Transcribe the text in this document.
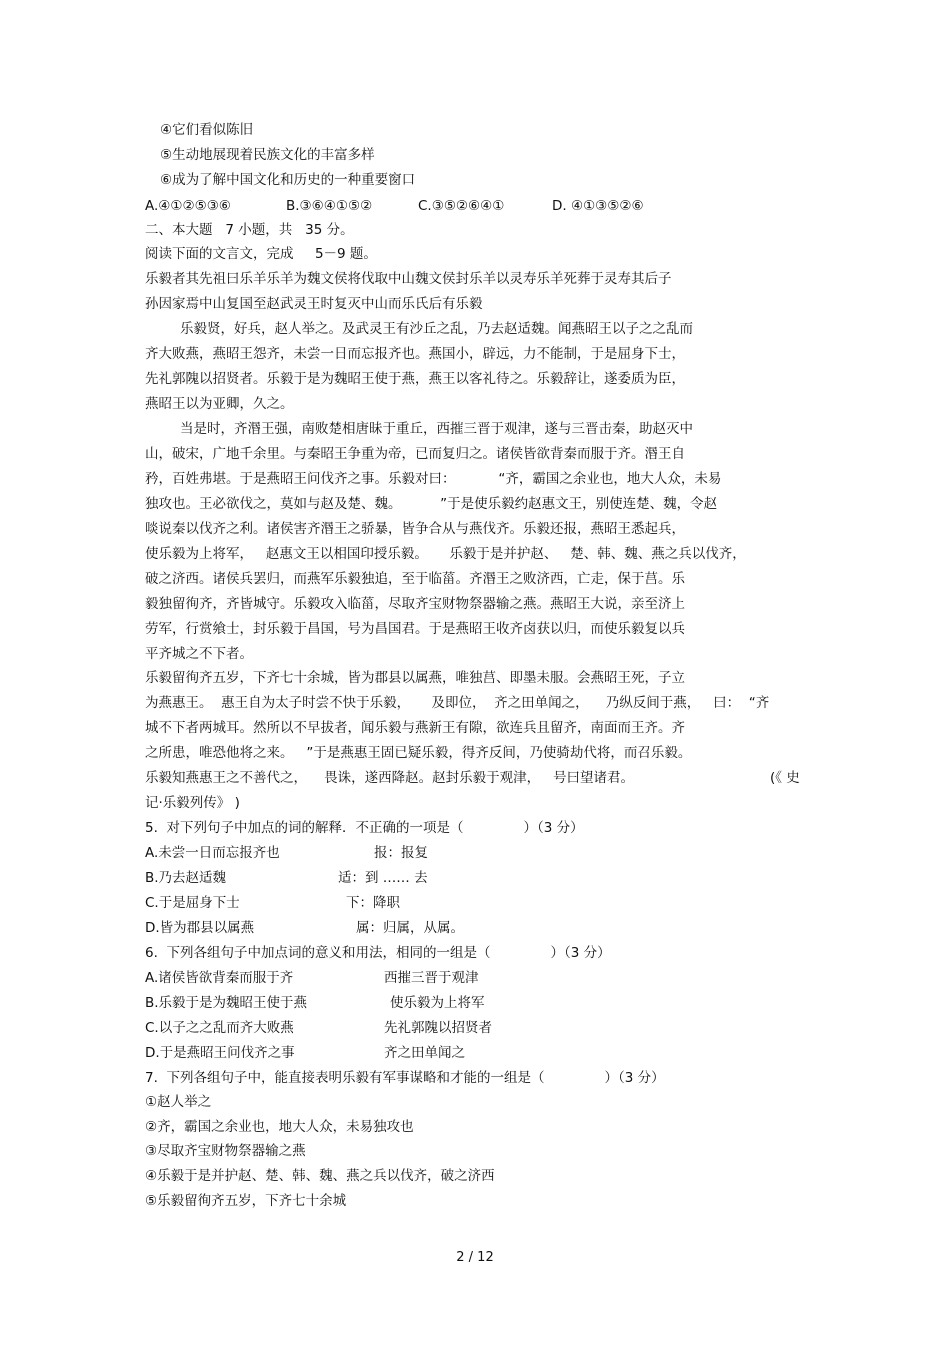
④它们看似陈旧
⑤生动地展现着民族文化的丰富多样
⑥成为了解中国文化和历史的一种重要窗口
A.④①②⑤③⑥	B.③⑥④①⑤②	C.③⑤②⑥④①	D. ④①③⑤②⑥
二、本大题   7 小题，共   35 分。
阅读下面的文言文，完成     5－9 题。
乐毅者其先祖曰乐羊乐羊为魏文侯将伐取中山魏文侯封乐羊以灵寿乐羊死葬于灵寿其后子
孙因家焉中山复国至赵武灵王时复灭中山而乐氏后有乐毅
乐毅贤，好兵，赵人举之。及武灵王有沙丘之乱，乃去赵适魏。闻燕昭王以子之之乱而
齐大败燕，燕昭王怨齐，未尝一日而忘报齐也。燕国小，辟远，力不能制，于是屈身下士，
先礼郭隗以招贤者。乐毅于是为魏昭王使于燕，燕王以客礼待之。乐毅辞让，遂委质为臣，
燕昭王以为亚卿，久之。
当是时，齐湣王强，南败楚相唐昧于重丘，西摧三晋于观津，遂与三晋击秦，助赵灭中
山，破宋，广地千余里。与秦昭王争重为帝，已而复归之。诸侯皆欲背秦而服于齐。湣王自
矜，百姓弗堪。于是燕昭王问伐齐之事。乐毅对曰：          “齐，霸国之余业也，地大人众，未易
独攻也。王必欲伐之，莫如与赵及楚、魏。         ”于是使乐毅约赵惠文王，别使连楚、魏，令赵
啖说秦以伐齐之利。诸侯害齐湣王之骄暴，皆争合从与燕伐齐。乐毅还报，燕昭王悉起兵，
使乐毅为上将军，   赵惠文王以相国印授乐毅。     乐毅于是并护赵、   楚、韩、魏、燕之兵以伐齐，
破之济西。诸侯兵罢归，而燕军乐毅独追，至于临菑。齐湣王之败济西，亡走，保于莒。乐
毅独留徇齐，齐皆城守。乐毅攻入临菑，尽取齐宝财物祭器输之燕。燕昭王大说，亲至济上
劳军，行赏飨士，封乐毅于昌国，号为昌国君。于是燕昭王收齐卤获以归，而使乐毅复以兵
平齐城之不下者。
乐毅留徇齐五岁，下齐七十余城，皆为郡县以属燕，唯独莒、即墨未服。会燕昭王死，子立
为燕惠王。  惠王自为太子时尝不快于乐毅，     及即位，  齐之田单闻之，    乃纵反间于燕，   曰：  “齐
城不下者两城耳。然所以不早拔者，闻乐毅与燕新王有隙，欲连兵且留齐，南面而王齐。齐
之所患，唯恐他将之来。   ”于是燕惠王固已疑乐毅，得齐反间，乃使骑劫代将，而召乐毅。
乐毅知燕惠王之不善代之，    畏诛，遂西降赵。赵封乐毅于观津，   号曰望诸君。	(《 史
记·乐毅列传》 )
5.  对下列句子中加点的词的解释．不正确的一项是（              ）（3 分）
A.未尝一日而忘报齐也	报：报复
B.乃去赵适魏	适：到 …… 去
C.于是屈身下士	下：降职
D.皆为郡县以属燕	属：归属，从属。
6.  下列各组句子中加点词的意义和用法，相同的一组是（              ）（3 分）
A.诸侯皆欲背秦而服于齐	西摧三晋于观津
B.乐毅于是为魏昭王使于燕	使乐毅为上将军
C.以子之之乱而齐大败燕	先礼郭隗以招贤者
D.于是燕昭王问伐齐之事	齐之田单闻之
7.  下列各组句子中，能直接表明乐毅有军事谋略和才能的一组是（              ）（3 分）
①赵人举之
②齐，霸国之余业也，地大人众，未易独攻也
③尽取齐宝财物祭器输之燕
④乐毅于是并护赵、楚、韩、魏、燕之兵以伐齐，破之济西
⑤乐毅留徇齐五岁，下齐七十余城
2 / 12
